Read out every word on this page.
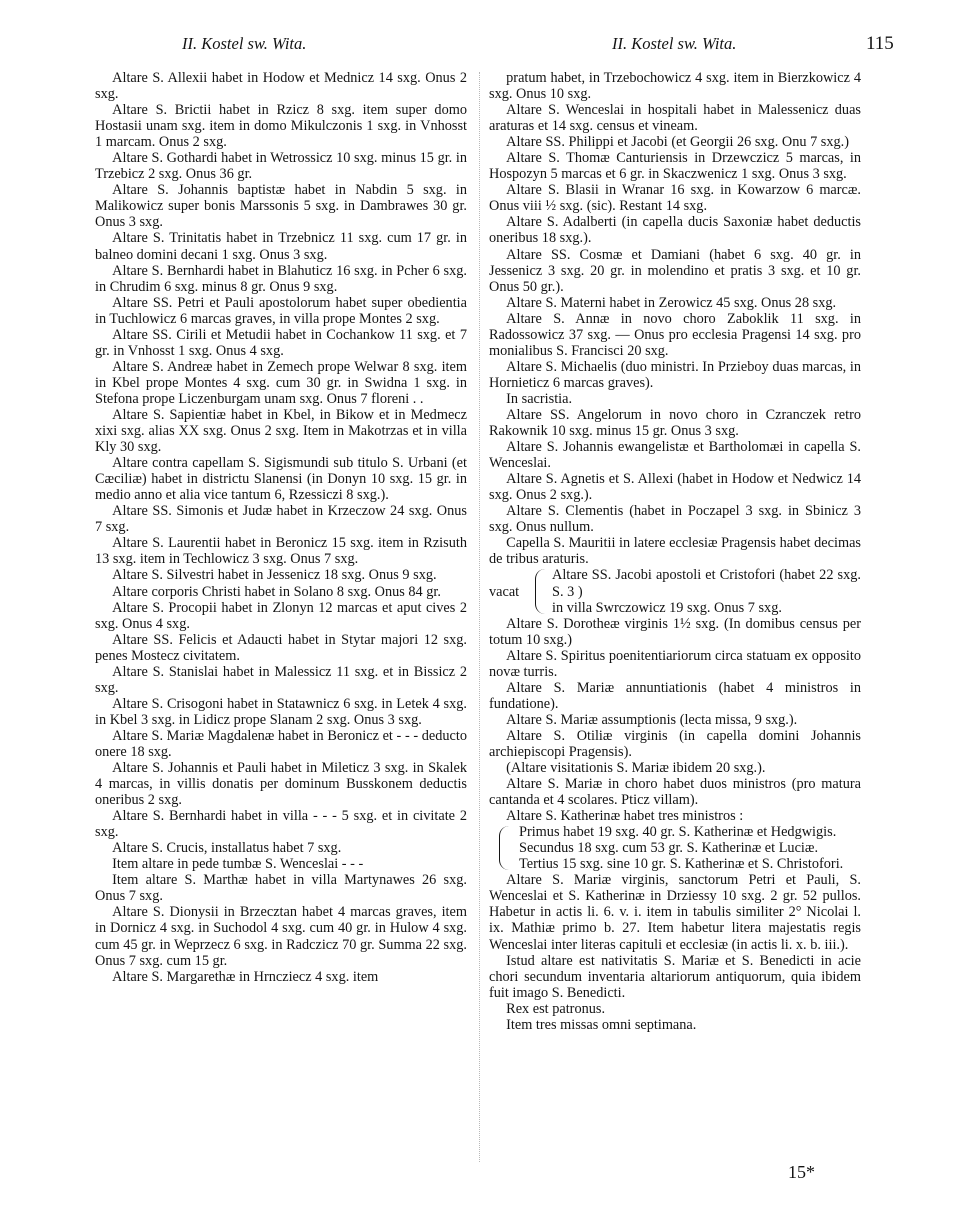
II. Kostel sw. Wita.	II. Kostel sw. Wita.	115

Altare S. Allexii habet in Hodow et Mednicz 14 sxg. Onus 2 sxg.

Altare S. Brictii habet in Rzicz 8 sxg. item super domo Hostasii unam sxg. item in domo Mikulczonis 1 sxg. in Vnhosst 1 marcam. Onus 2 sxg.

Altare S. Gothardi habet in Wetrossicz 10 sxg. minus 15 gr. in Trzebicz 2 sxg. Onus 36 gr.

Altare S. Johannis baptistæ habet in Nabdin 5 sxg. in Malikowicz super bonis Marssonis 5 sxg. in Dambrawes 30 gr. Onus 3 sxg.

Altare S. Trinitatis habet in Trzebnicz 11 sxg. cum 17 gr. in balneo domini decani 1 sxg. Onus 3 sxg.

Altare S. Bernhardi habet in Blahuticz 16 sxg. in Pcher 6 sxg. in Chrudim 6 sxg. minus 8 gr. Onus 9 sxg.

Altare SS. Petri et Pauli apostolorum habet super obedientia in Tuchlowicz 6 marcas graves, in villa prope Montes 2 sxg.

Altare SS. Cirili et Metudii habet in Cochankow 11 sxg. et 7 gr. in Vnhosst 1 sxg. Onus 4 sxg.

Altare S. Andreæ habet in Zemech prope Welwar 8 sxg. item in Kbel prope Montes 4 sxg. cum 30 gr. in Swidna 1 sxg. in Stefona prope Liczenburgam unam sxg. Onus 7 floreni . .

Altare S. Sapientiæ habet in Kbel, in Bikow et in Medmecz xixi sxg. alias XX sxg. Onus 2 sxg. Item in Makotrzas et in villa Kly 30 sxg.

Altare contra capellam S. Sigismundi sub titulo S. Urbani (et Cæciliæ) habet in districtu Slanensi (in Donyn 10 sxg. 15 gr. in medio anno et alia vice tantum 6, Rzessiczi 8 sxg.).

Altare SS. Simonis et Judæ habet in Krzeczow 24 sxg. Onus 7 sxg.

Altare S. Laurentii habet in Beronicz 15 sxg. item in Rzisuth 13 sxg. item in Techlowicz 3 sxg. Onus 7 sxg.

Altare S. Silvestri habet in Jessenicz 18 sxg. Onus 9 sxg.

Altare corporis Christi habet in Solano 8 sxg. Onus 84 gr.

Altare S. Procopii habet in Zlonyn 12 marcas et aput cives 2 sxg. Onus 4 sxg.

Altare SS. Felicis et Adaucti habet in Stytar majori 12 sxg. penes Mostecz civitatem.

Altare S. Stanislai habet in Malessicz 11 sxg. et in Bissicz 2 sxg.

Altare S. Crisogoni habet in Statawnicz 6 sxg. in Letek 4 sxg. in Kbel 3 sxg. in Lidicz prope Slanam 2 sxg. Onus 3 sxg.

Altare S. Mariæ Magdalenæ habet in Beronicz et - - - deducto onere 18 sxg.

Altare S. Johannis et Pauli habet in Mileticz 3 sxg. in Skalek 4 marcas, in villis donatis per dominum Busskonem deductis oneribus 2 sxg.

Altare S. Bernhardi habet in villa - - - 5 sxg. et in civitate 2 sxg.

Altare S. Crucis, installatus habet 7 sxg.

Item altare in pede tumbæ S. Wenceslai - - -

Item altare S. Marthæ habet in villa Martynawes 26 sxg. Onus 7 sxg.

Altare S. Dionysii in Brzecztan habet 4 marcas graves, item in Dornicz 4 sxg. in Suchodol 4 sxg. cum 40 gr. in Hulow 4 sxg. cum 45 gr. in Weprzecz 6 sxg. in Radczicz 70 gr. Summa 22 sxg. Onus 7 sxg. cum 15 gr.

Altare S. Margarethæ in Hrncziecz 4 sxg. item

pratum habet, in Trzebochowicz 4 sxg. item in Bierzkowicz 4 sxg. Onus 10 sxg.

Altare S. Wenceslai in hospitali habet in Malessenicz duas araturas et 14 sxg. census et vineam.

Altare SS. Philippi et Jacobi (et Georgii 26 sxg. Onu 7 sxg.)

Altare S. Thomæ Canturiensis in Drzewczicz 5 marcas, in Hospozyn 5 marcas et 6 gr. in Skaczwenicz 1 sxg. Onus 3 sxg.

Altare S. Blasii in Wranar 16 sxg. in Kowarzow 6 marcæ. Onus viii ½ sxg. (sic). Restant 14 sxg.

Altare S. Adalberti (in capella ducis Saxoniæ habet deductis oneribus 18 sxg.).

Altare SS. Cosmæ et Damiani (habet 6 sxg. 40 gr. in Jessenicz 3 sxg. 20 gr. in molendino et pratis 3 sxg. et 10 gr. Onus 50 gr.).

Altare S. Materni habet in Zerowicz 45 sxg. Onus 28 sxg.

Altare S. Annæ in novo choro Zaboklik 11 sxg. in Radossowicz 37 sxg. — Onus pro ecclesia Pragensi 14 sxg. pro monialibus S. Francisci 20 sxg.

Altare S. Michaelis (duo ministri. In Przieboy duas marcas, in Hornieticz 6 marcas graves).

In sacristia.

Altare SS. Angelorum in novo choro in Czranczek retro Rakownik 10 sxg. minus 15 gr. Onus 3 sxg.

Altare S. Johannis ewangelistæ et Bartholomæi in capella S. Wenceslai.

Altare S. Agnetis et S. Allexi (habet in Hodow et Nedwicz 14 sxg. Onus 2 sxg.).

Altare S. Clementis (habet in Poczapel 3 sxg. in Sbinicz 3 sxg. Onus nullum.

Capella S. Mauritii in latere ecclesiæ Pragensis habet decimas de tribus araturis.

vacat

Altare SS. Jacobi apostoli et Cristofori (habet 22 sxg. S. 3 )

in villa Swrczowicz 19 sxg. Onus 7 sxg.

Altare S. Dorotheæ virginis 1½ sxg. (In domibus census per totum 10 sxg.)

Altare S. Spiritus poenitentiariorum circa statuam ex opposito novæ turris.

Altare S. Mariæ annuntiationis (habet 4 ministros in fundatione).

Altare S. Mariæ assumptionis (lecta missa, 9 sxg.).

Altare S. Otiliæ virginis (in capella domini Johannis archiepiscopi Pragensis).

(Altare visitationis S. Mariæ ibidem 20 sxg.).

Altare S. Mariæ in choro habet duos ministros (pro matura cantanda et 4 scolares. Pticz villam).

Altare S. Katherinæ habet tres ministros :

Primus habet 19 sxg. 40 gr. S. Katherinæ et Hedgwigis.

Secundus 18 sxg. cum 53 gr. S. Katherinæ et Luciæ.

Tertius 15 sxg. sine 10 gr. S. Katherinæ et S. Christofori.

Altare S. Mariæ virginis, sanctorum Petri et Pauli, S. Wenceslai et S. Katherinæ in Drziessy 10 sxg. 2 gr. 52 pullos. Habetur in actis li. 6. v. i. item in tabulis similiter 2° Nicolai l. ix. Mathiæ primo b. 27. Item habetur litera majestatis regis Wenceslai inter literas capituli et ecclesiæ (in actis li. x. b. iii.).

Istud altare est nativitatis S. Mariæ et S. Benedicti in acie chori secundum inventaria altariorum antiquorum, quia ibidem fuit imago S. Benedicti.

Rex est patronus.

Item tres missas omni septimana.

15*
